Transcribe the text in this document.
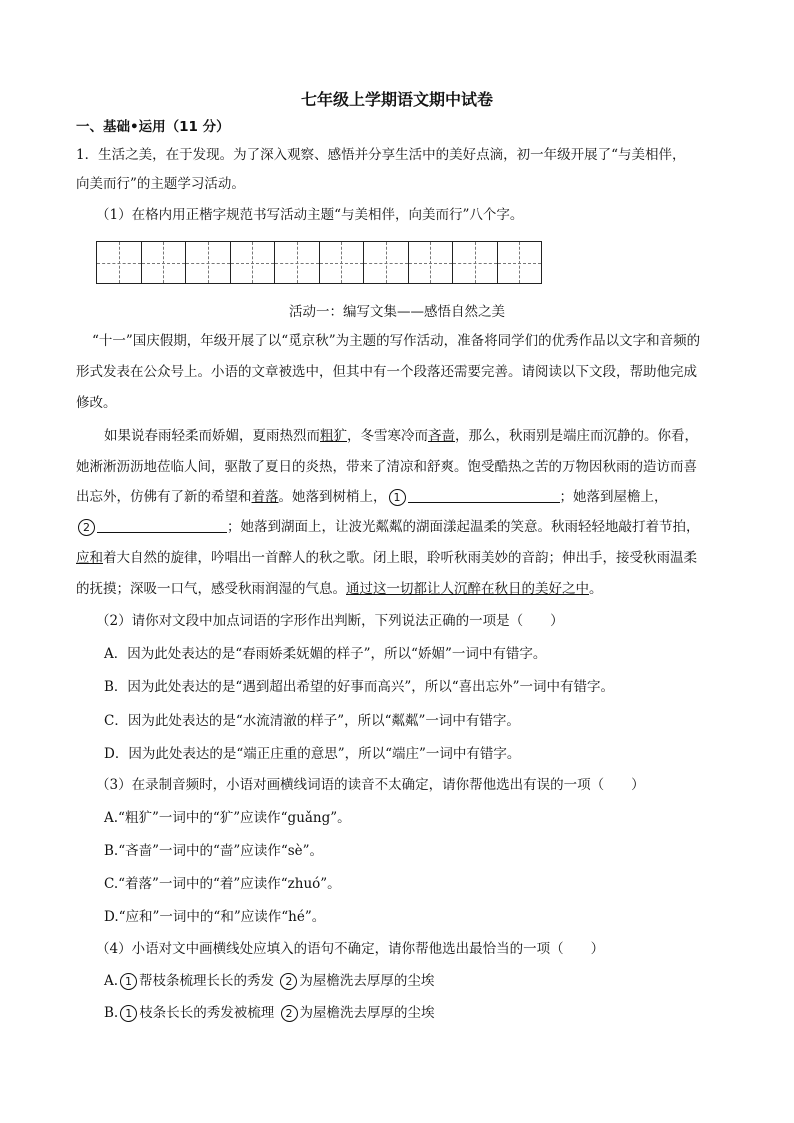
七年级上学期语文期中试卷
一、基础•运用（11 分）
1．生活之美，在于发现。为了深入观察、感悟并分享生活中的美好点滴，初一年级开展了“与美相伴，
向美而行”的主题学习活动。
（1）在格内用正楷字规范书写活动主题“与美相伴，向美而行”八个字。
活动一：编写文集——感悟自然之美
“十一”国庆假期，年级开展了以“觅京秋”为主题的写作活动，准备将同学们的优秀作品以文字和音频的
形式发表在公众号上。小语的文章被选中，但其中有一个段落还需要完善。请阅读以下文段，帮助他完成
修改。
如果说春雨轻柔而娇媚，夏雨热烈而粗犷，冬雪寒冷而吝啬，那么，秋雨别是端庄而沉静的。你看，
她淅淅沥沥地莅临人间，驱散了夏日的炎热，带来了清凉和舒爽。饱受酷热之苦的万物因秋雨的造访而喜
出忘外，仿佛有了新的希望和着落。她落到树梢上， 1	；她落到屋檐上，
2	；她落到湖面上，让波光粼粼的湖面漾起温柔的笑意。秋雨轻轻地敲打着节拍，
应和着大自然的旋律，吟唱出一首醉人的秋之歌。闭上眼，聆听秋雨美妙的音韵；伸出手，接受秋雨温柔
的抚摸；深吸一口气，感受秋雨润湿的气息。通过这一切都让人沉醉在秋日的美好之中。
（2）请你对文段中加点词语的字形作出判断，下列说法正确的一项是（　　）
A．因为此处表达的是“春雨娇柔妩媚的样子”，所以“娇媚”一词中有错字。
B．因为此处表达的是“遇到超出希望的好事而高兴”，所以“喜出忘外”一词中有错字。
C．因为此处表达的是“水流清澈的样子”，所以“粼粼”一词中有错字。
D．因为此处表达的是“端正庄重的意思”，所以“端庄”一词中有错字。
（3）在录制音频时，小语对画横线词语的读音不太确定，请你帮他选出有误的一项（　　）
A.“粗犷”一词中的“犷”应读作“guǎng”。
B.“吝啬”一词中的“啬”应读作“sè”。
C.“着落”一词中的“着”应读作“zhuó”。
D.“应和”一词中的“和”应读作“hé”。
（4）小语对文中画横线处应填入的语句不确定，请你帮他选出最恰当的一项（　　）
A. 1 帮枝条梳理长长的秀发 2 为屋檐洗去厚厚的尘埃
B. 1 枝条长长的秀发被梳理 2 为屋檐洗去厚厚的尘埃
